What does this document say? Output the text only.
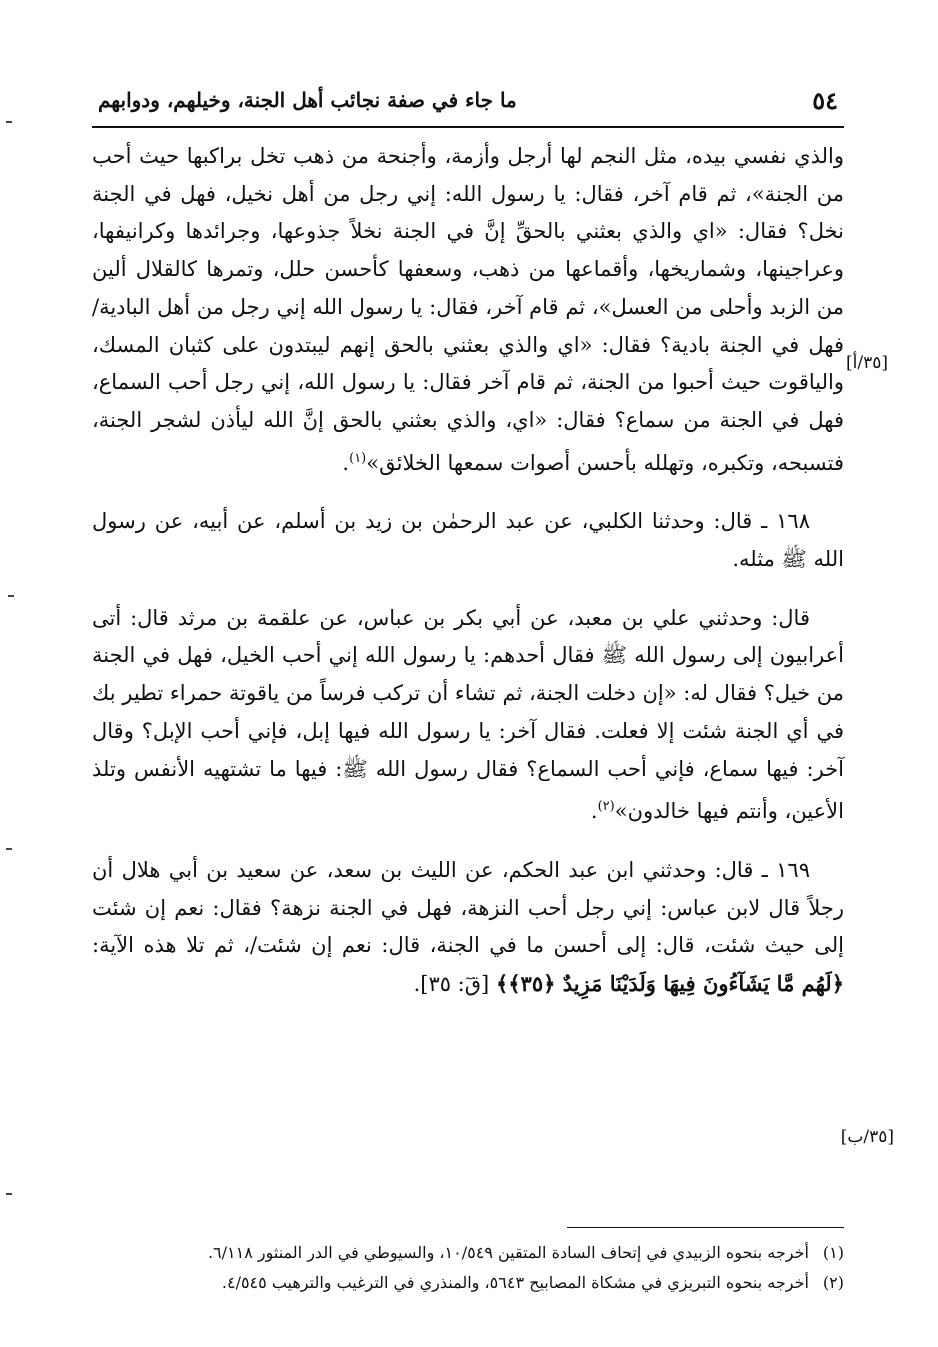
٥٤
ما جاء في صفة نجائب أهل الجنة، وخيلهم، ودوابهم
[٣٥/أ]
[٣٥/ب]

والذي نفسي بيده، مثل النجم لها أرجل وأزمة، وأجنحة من ذهب تخل براكبها حيث أحب من الجنة»، ثم قام آخر، فقال: يا رسول الله: إني رجل من أهل نخيل، فهل في الجنة نخل؟ فقال: «اي والذي بعثني بالحقِّ إنَّ في الجنة نخلاً جذوعها، وجرائدها وكرانيفها، وعراجينها، وشماريخها، وأقماعها من ذهب، وسعفها كأحسن حلل، وتمرها كالقلال ألين من الزبد وأحلى من العسل»، ثم قام آخر، فقال: يا رسول الله إني رجل من أهل البادية/ فهل في الجنة بادية؟ فقال: «اي والذي بعثني بالحق إنهم ليبتدون على كثبان المسك، والياقوت حيث أحبوا من الجنة، ثم قام آخر فقال: يا رسول الله، إني رجل أحب السماع، فهل في الجنة من سماع؟ فقال: «اي، والذي بعثني بالحق إنَّ الله ليأذن لشجر الجنة، فتسبحه، وتكبره، وتهلله بأحسن أصوات سمعها الخلائق»$^{(١)}$.

١٦٨ ـ قال: وحدثنا الكلبي، عن عبد الرحمٰن بن زيد بن أسلم، عن أبيه، عن رسول الله ﷺ مثله.

قال: وحدثني علي بن معبد، عن أبي بكر بن عباس، عن علقمة بن مرثد قال: أتى أعرابيون إلى رسول الله ﷺ فقال أحدهم: يا رسول الله إني أحب الخيل، فهل في الجنة من خيل؟ فقال له: «إن دخلت الجنة، ثم تشاء أن تركب فرساً من ياقوتة حمراء تطير بك في أي الجنة شئت إلا فعلت. فقال آخر: يا رسول الله فيها إبل، فإني أحب الإبل؟ وقال آخر: فيها سماع، فإني أحب السماع؟ فقال رسول الله ﷺ: فيها ما تشتهيه الأنفس وتلذ الأعين، وأنتم فيها خالدون»$^{(٢)}$.

١٦٩ ـ قال: وحدثني ابن عبد الحكم، عن الليث بن سعد، عن سعيد بن أبي هلال أن رجلاً قال لابن عباس: إني رجل أحب النزهة، فهل في الجنة نزهة؟ فقال: نعم إن شئت إلى حيث شئت، قال: إلى أحسن ما في الجنة، قال: نعم إن شئت/، ثم تلا هذه الآية: ﴿لَهُم مَّا يَشَآءُونَ فِيهَا وَلَدَيْنَا مَزِيدٌ ﴿٣٥﴾﴾ [قٓ: ٣٥].

(١)أخرجه بنحوه الزبيدي في إتحاف السادة المتقين ١٠/٥٤٩، والسيوطي في الدر المنثور ٦/١١٨.

(٢)أخرجه بنحوه التبريزي في مشكاة المصابيح ٥٦٤٣، والمنذري في الترغيب والترهيب ٤/٥٤٥.
